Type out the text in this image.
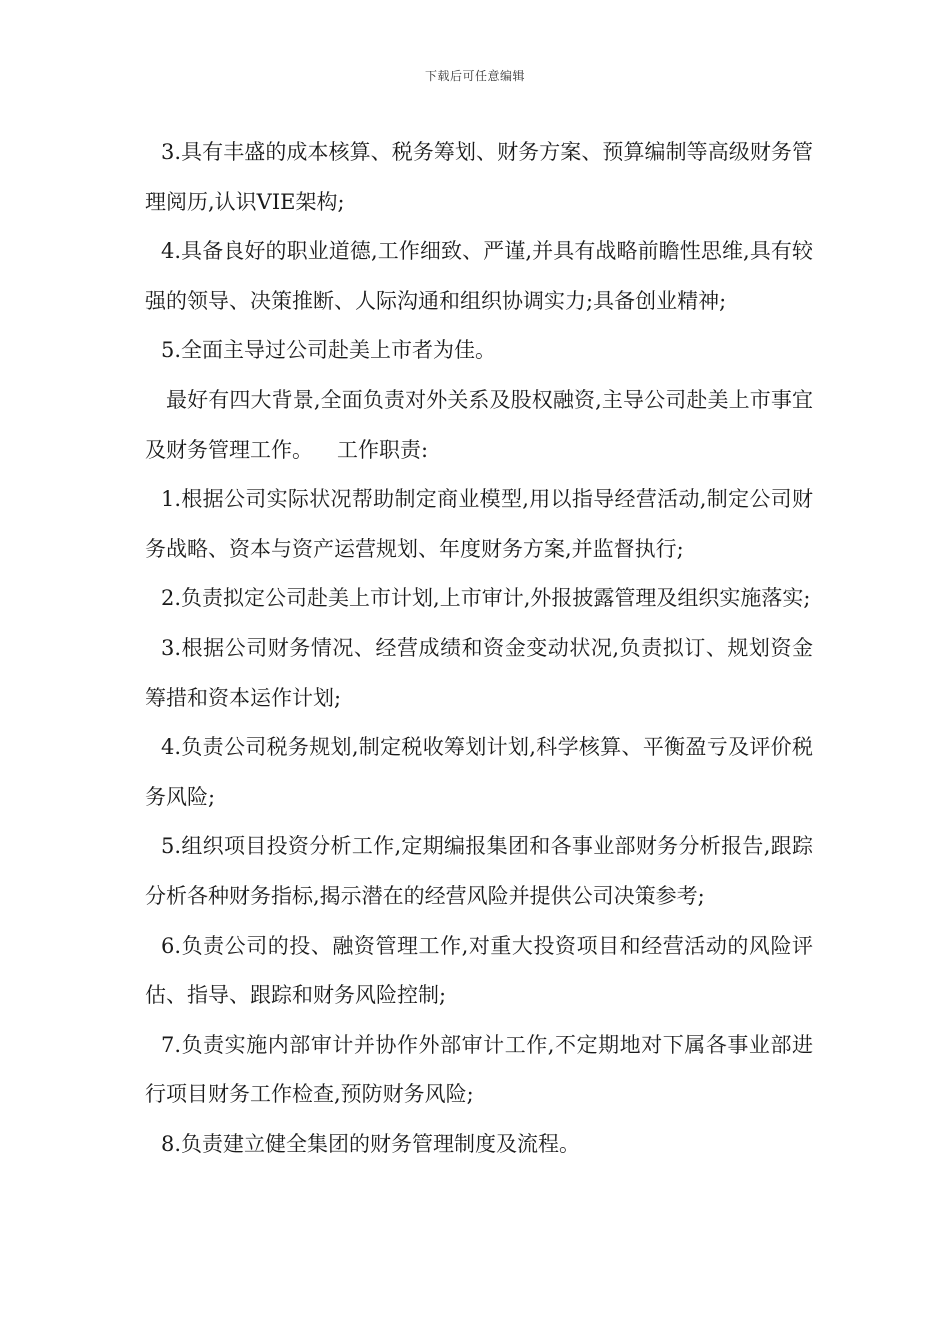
下载后可任意编辑

3.具有丰盛的成本核算、税务筹划、财务方案、预算编制等高级财务管理阅历,认识VIE架构;

4.具备良好的职业道德,工作细致、严谨,并具有战略前瞻性思维,具有较强的领导、决策推断、人际沟通和组织协调实力;具备创业精神;

5.全面主导过公司赴美上市者为佳。

最好有四大背景,全面负责对外关系及股权融资,主导公司赴美上市事宜及财务管理工作。 工作职责:

1.根据公司实际状况帮助制定商业模型,用以指导经营活动,制定公司财务战略、资本与资产运营规划、年度财务方案,并监督执行;

2.负责拟定公司赴美上市计划,上市审计,外报披露管理及组织实施落实;

3.根据公司财务情况、经营成绩和资金变动状况,负责拟订、规划资金筹措和资本运作计划;

4.负责公司税务规划,制定税收筹划计划,科学核算、平衡盈亏及评价税务风险;

5.组织项目投资分析工作,定期编报集团和各事业部财务分析报告,跟踪分析各种财务指标,揭示潜在的经营风险并提供公司决策参考;

6.负责公司的投、融资管理工作,对重大投资项目和经营活动的风险评估、指导、跟踪和财务风险控制;

7.负责实施内部审计并协作外部审计工作,不定期地对下属各事业部进行项目财务工作检查,预防财务风险;

8.负责建立健全集团的财务管理制度及流程。
